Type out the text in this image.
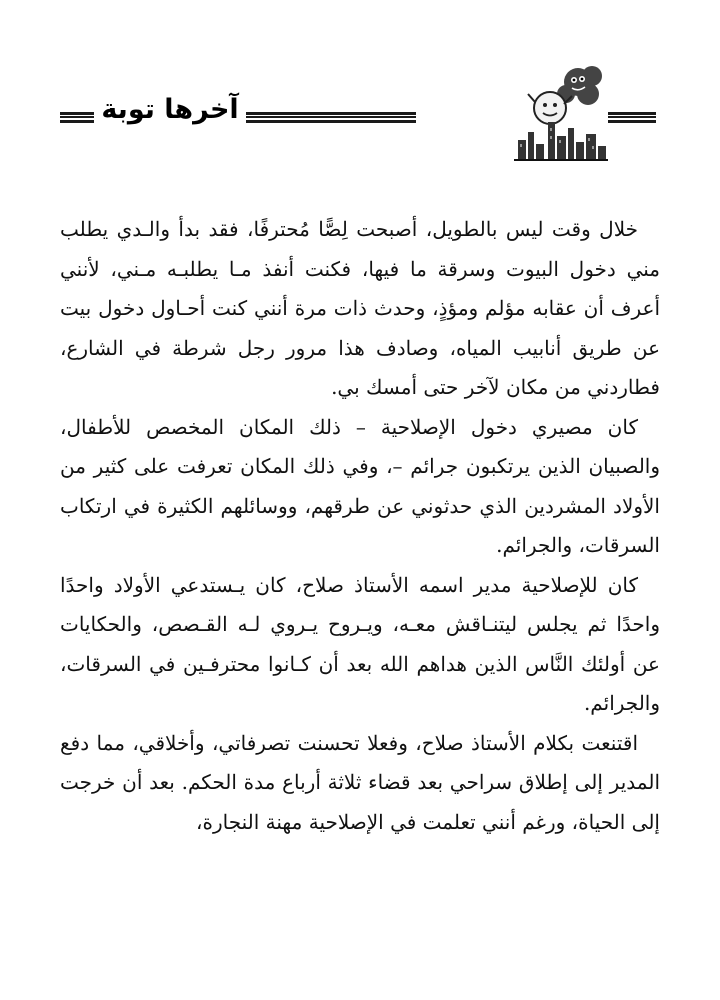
آخرها توبة

خلال وقت ليس بالطويل، أصبحت لِصًّا مُحترفًا، فقد بدأ والـدي يطلب مني دخول البيوت وسرقة ما فيها، فكنت أنفذ مـا يطلبـه مـني، لأنني أعرف أن عقابه مؤلم ومؤذٍ، وحدث ذات مرة أنني كنت أحـاول دخول بيت عن طريق أنابيب المياه، وصادف هذا مرور رجل شرطة في الشارع، فطاردني من مكان لآخر حتى أمسك بي.

كان مصيري دخول الإصلاحية – ذلك المكان المخصص للأطفال، والصبيان الذين يرتكبون جرائم –، وفي ذلك المكان تعرفت على كثير من الأولاد المشردين الذي حدثوني عن طرقهم، ووسائلهم الكثيرة في ارتكاب السرقات، والجرائم.

كان للإصلاحية مدير اسمه الأستاذ صلاح، كان يـستدعي الأولاد واحدًا واحدًا ثم يجلس ليتنـاقش معـه، ويـروح يـروي لـه القـصص، والحكايات عن أولئك النَّاس الذين هداهم الله بعد أن كـانوا محترفـين في السرقات، والجرائم.

اقتنعت بكلام الأستاذ صلاح، وفعلا تحسنت تصرفاتي، وأخلاقي، مما دفع المدير إلى إطلاق سراحي بعد قضاء ثلاثة أرباع مدة الحكم. بعد أن خرجت إلى الحياة، ورغم أنني تعلمت في الإصلاحية مهنة النجارة،
